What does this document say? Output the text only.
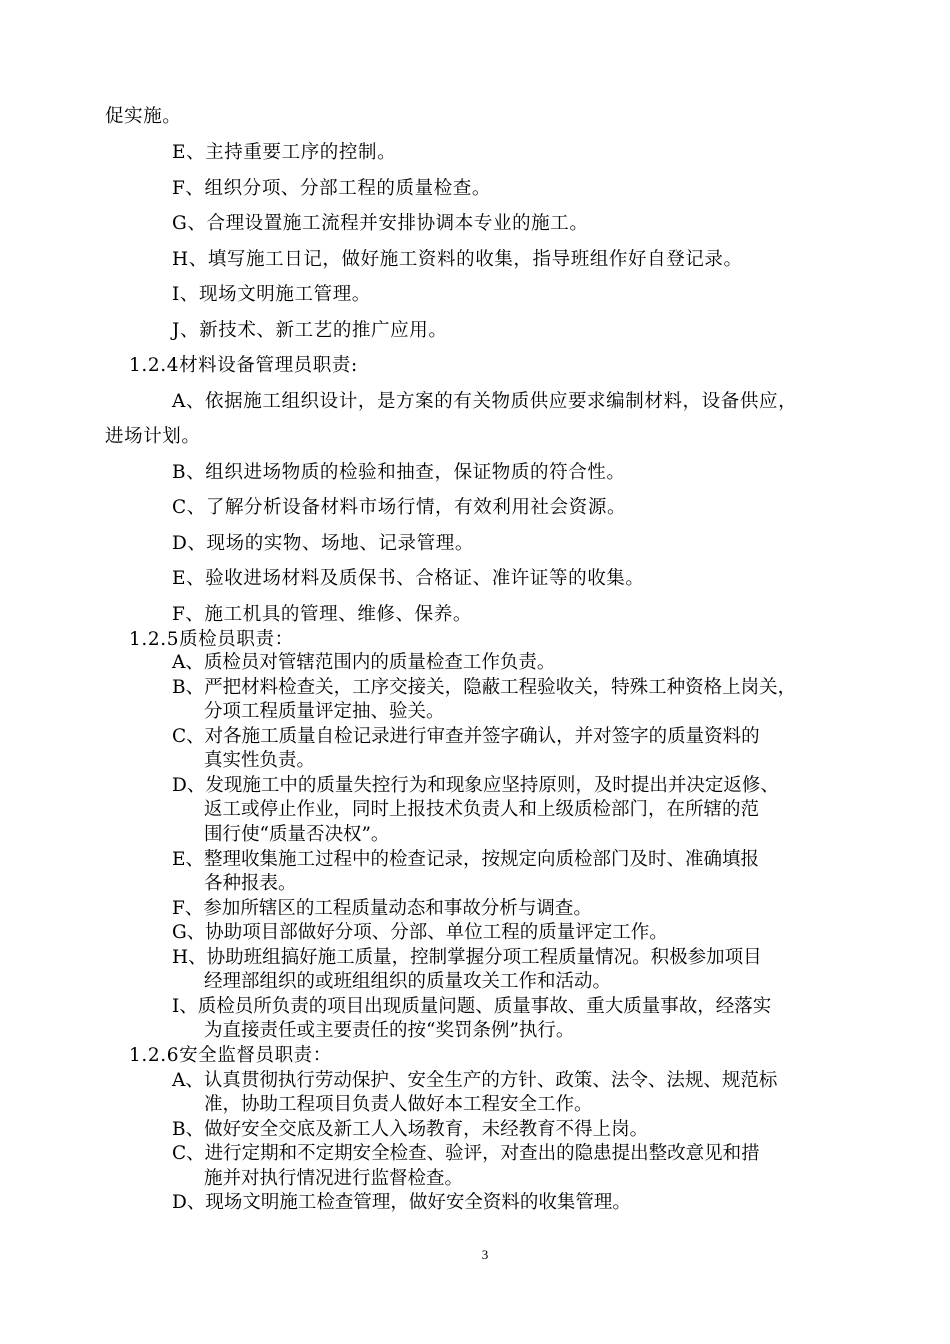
促实施。
E、主持重要工序的控制。
F、组织分项、分部工程的质量检查。
G、合理设置施工流程并安排协调本专业的施工。
H、填写施工日记，做好施工资料的收集，指导班组作好自登记录。
I、现场文明施工管理。
J、新技术、新工艺的推广应用。
1.2.4材料设备管理员职责:
A、依据施工组织设计，是方案的有关物质供应要求编制材料，设备供应，
进场计划。
B、组织进场物质的检验和抽查，保证物质的符合性。
C、了解分析设备材料市场行情，有效利用社会资源。
D、现场的实物、场地、记录管理。
E、验收进场材料及质保书、合格证、准许证等的收集。
F、施工机具的管理、维修、保养。
1.2.5质检员职责：
A、质检员对管辖范围内的质量检查工作负责。
B、严把材料检查关，工序交接关，隐蔽工程验收关，特殊工种资格上岗关，
分项工程质量评定抽、验关。
C、对各施工质量自检记录进行审查并签字确认，并对签字的质量资料的
真实性负责。
D、发现施工中的质量失控行为和现象应坚持原则，及时提出并决定返修、
返工或停止作业，同时上报技术负责人和上级质检部门，在所辖的范
围行使“质量否决权”。
E、整理收集施工过程中的检查记录，按规定向质检部门及时、准确填报
各种报表。
F、参加所辖区的工程质量动态和事故分析与调查。
G、协助项目部做好分项、分部、单位工程的质量评定工作。
H、协助班组搞好施工质量，控制掌握分项工程质量情况。积极参加项目
经理部组织的或班组组织的质量攻关工作和活动。
I、质检员所负责的项目出现质量问题、质量事故、重大质量事故，经落实
为直接责任或主要责任的按“奖罚条例”执行。
1.2.6安全监督员职责：
A、认真贯彻执行劳动保护、安全生产的方针、政策、法令、法规、规范标
准，协助工程项目负责人做好本工程安全工作。
B、做好安全交底及新工人入场教育，未经教育不得上岗。
C、进行定期和不定期安全检查、验评，对查出的隐患提出整改意见和措
施并对执行情况进行监督检查。
D、现场文明施工检查管理，做好安全资料的收集管理。
3
